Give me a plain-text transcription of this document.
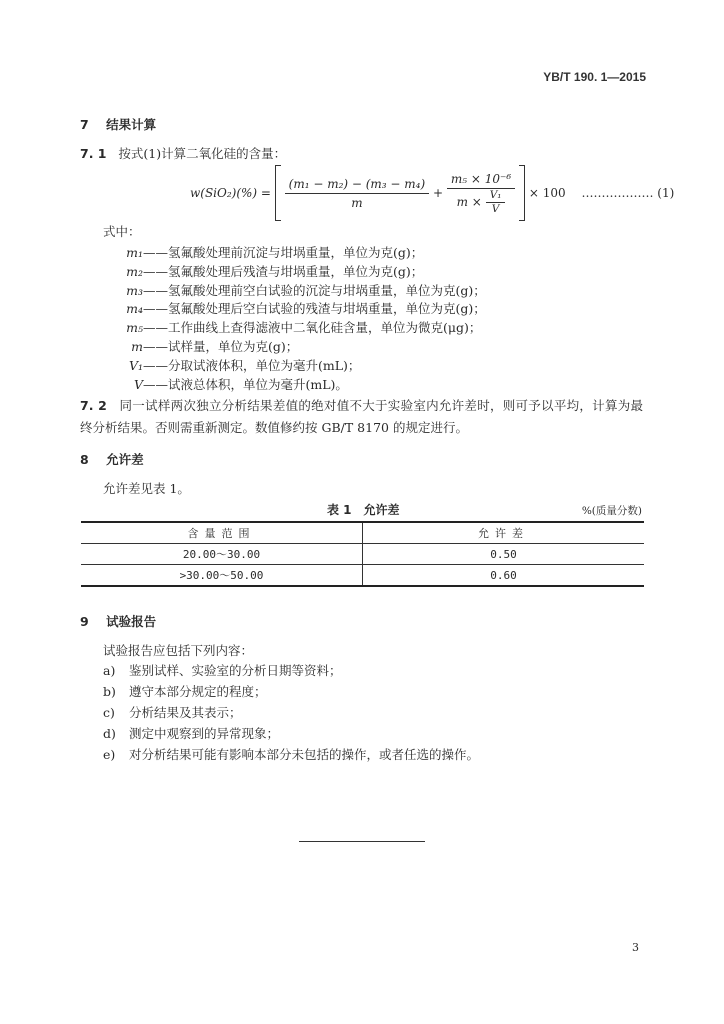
YB/T 190. 1—2015
7 结果计算
7. 1 按式(1)计算二氧化硅的含量：
$w(SiO_2)(\%) = \frac{\text{(m₁ − m₂) − (m₃ − m₄)}}{m} + \frac{\text{m₅ × 10⁻⁶}}{m \times \frac{\text{V₁}}{V}} \times 100$ ……………… (1)
式中：
m₁——氢氟酸处理前沉淀与坩埚重量，单位为克(g)；
m₂——氢氟酸处理后残渣与坩埚重量，单位为克(g)；
m₃——氢氟酸处理前空白试验的沉淀与坩埚重量，单位为克(g)；
m₄——氢氟酸处理后空白试验的残渣与坩埚重量，单位为克(g)；
m₅——工作曲线上查得滤液中二氧化硅含量，单位为微克(μg)；
m——试样量，单位为克(g)；
V₁——分取试液体积，单位为毫升(mL)；
V——试液总体积，单位为毫升(mL)。
7. 2 同一试样两次独立分析结果差值的绝对值不大于实验室内允许差时，则可予以平均，计算为最终分析结果。否则需重新测定。数值修约按 GB/T 8170 的规定进行。
8 允许差
允许差见表 1。
表 1　允许差	%(质量分数)
含量范围	允许差
20.00～30.00	0.50
>30.00～50.00	0.60
9 试验报告
试验报告应包括下列内容：
a) 鉴别试样、实验室的分析日期等资料；
b) 遵守本部分规定的程度；
c) 分析结果及其表示；
d) 测定中观察到的异常现象；
e) 对分析结果可能有影响本部分未包括的操作，或者任选的操作。
3
